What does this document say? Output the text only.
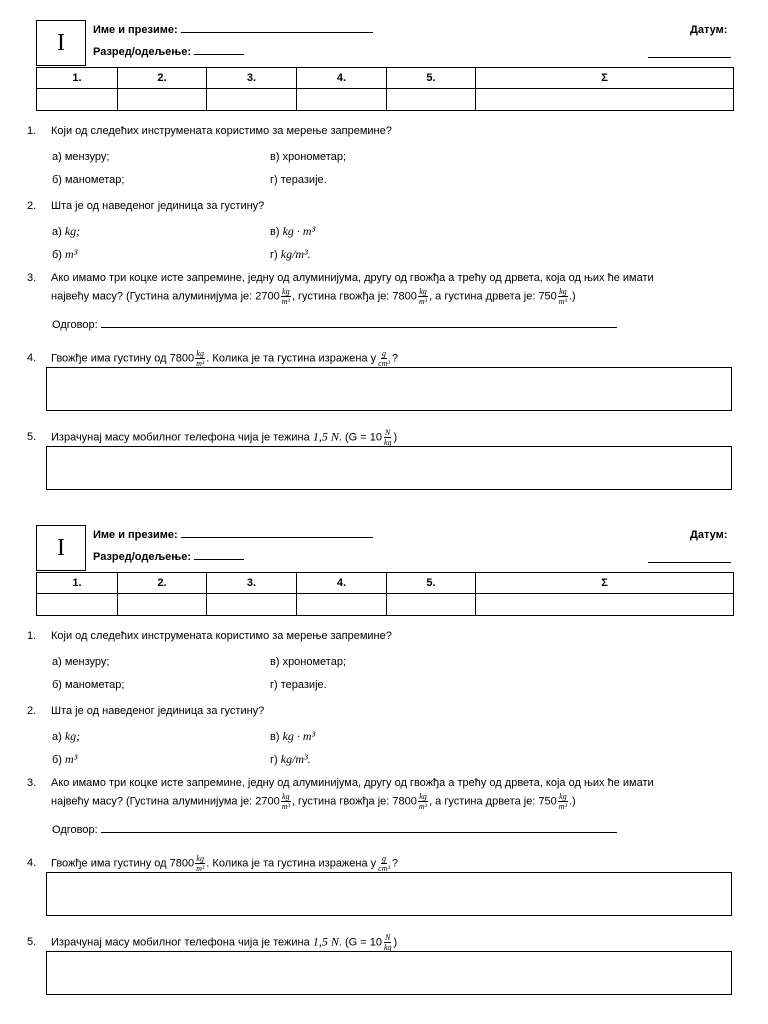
I	Име и презиме:
Разред/одељење:
Датум:
1.	2.	3.	4.	5.	Σ

1. Који од следећих инструмената користимо за мерење запремине?
а) мензуру;	в) хронометар;
б) манометар;	г) теразије.
2. Шта је од наведеног јединица за густину?
а) kg;	в) kg · m³
б) m³	г) kg/m³.
3. Ако имамо три коцке исте запремине, једну од алуминијума, другу од гвожђа а трећу од дрвета, која од њих ће имати
највећу масу? (Густина алуминијума је: $2700 \frac{kg}{\text{m³}}$ , густина гвожђа је: $7800 \frac{kg}{\text{m³}}$ , а густина дрвета је: $750 \frac{kg}{\text{m³}}$ .)
Одговор:
4. Гвожђе има густину од $7800 \frac{kg}{\text{m³}}$ . Колика је та густина изражена у $\frac{g}{\text{cm³}}$ ?
5. Израчунај масу мобилног телефона чија је тежина 1,5 N. ($G = 10 \frac{N}{kg}$ )
I	Име и презиме:
Разред/одељење:
Датум:
1.	2.	3.	4.	5.	Σ

1. Који од следећих инструмената користимо за мерење запремине?
а) мензуру;	в) хронометар;
б) манометар;	г) теразије.
2. Шта је од наведеног јединица за густину?
а) kg;	в) kg · m³
б) m³	г) kg/m³.
3. Ако имамо три коцке исте запремине, једну од алуминијума, другу од гвожђа а трећу од дрвета, која од њих ће имати
највећу масу? (Густина алуминијума је: $2700 \frac{kg}{\text{m³}}$ , густина гвожђа је: $7800 \frac{kg}{\text{m³}}$ , а густина дрвета је: $750 \frac{kg}{\text{m³}}$ .)
Одговор:
4. Гвожђе има густину од $7800 \frac{kg}{\text{m³}}$ . Колика је та густина изражена у $\frac{g}{\text{cm³}}$ ?
5. Израчунај масу мобилног телефона чија је тежина 1,5 N. ($G = 10 \frac{N}{kg}$ )
